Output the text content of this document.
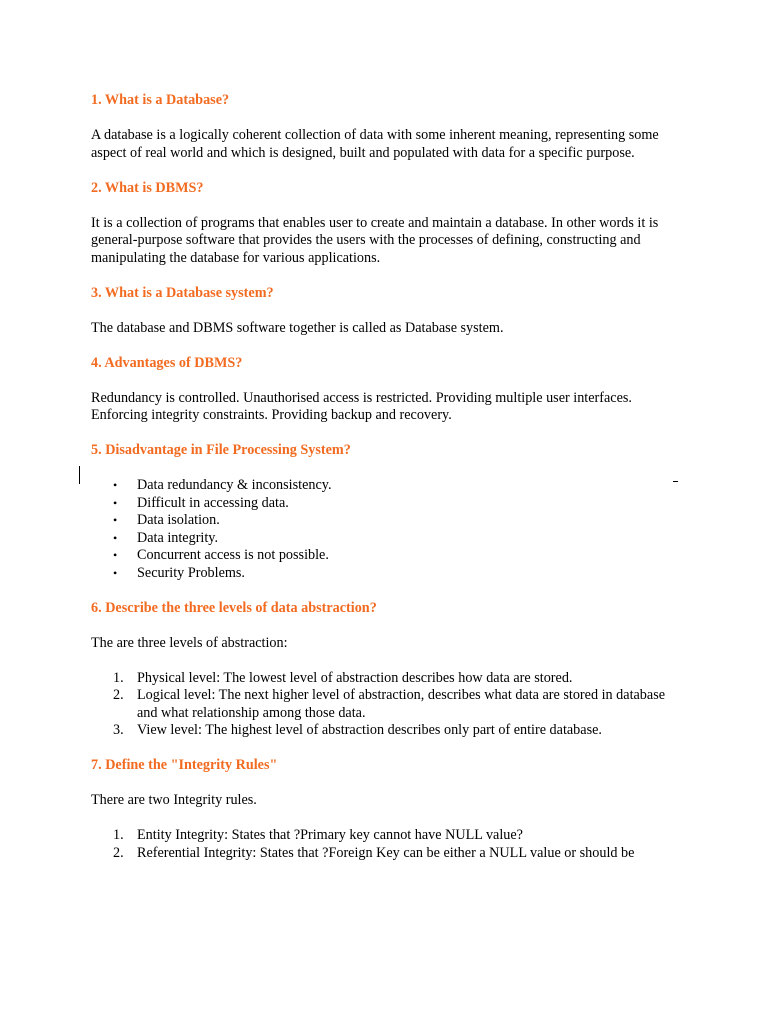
1. What is a Database?

A database is a logically coherent collection of data with some inherent meaning, representing some aspect of real world and which is designed, built and populated with data for a specific purpose.

2. What is DBMS?

It is a collection of programs that enables user to create and maintain a database. In other words it is general-purpose software that provides the users with the processes of defining, constructing and manipulating the database for various applications.

3. What is a Database system?

The database and DBMS software together is called as Database system.

4. Advantages of DBMS?

Redundancy is controlled. Unauthorised access is restricted. Providing multiple user interfaces. Enforcing integrity constraints. Providing backup and recovery.

5. Disadvantage in File Processing System?

• Data redundancy & inconsistency.
• Difficult in accessing data.
• Data isolation.
• Data integrity.
• Concurrent access is not possible.
• Security Problems.

6. Describe the three levels of data abstraction?

The are three levels of abstraction:

1. Physical level: The lowest level of abstraction describes how data are stored.
2. Logical level: The next higher level of abstraction, describes what data are stored in database and what relationship among those data.
3. View level: The highest level of abstraction describes only part of entire database.

7. Define the "Integrity Rules"

There are two Integrity rules.

1. Entity Integrity: States that ?Primary key cannot have NULL value?
2. Referential Integrity: States that ?Foreign Key can be either a NULL value or should be
